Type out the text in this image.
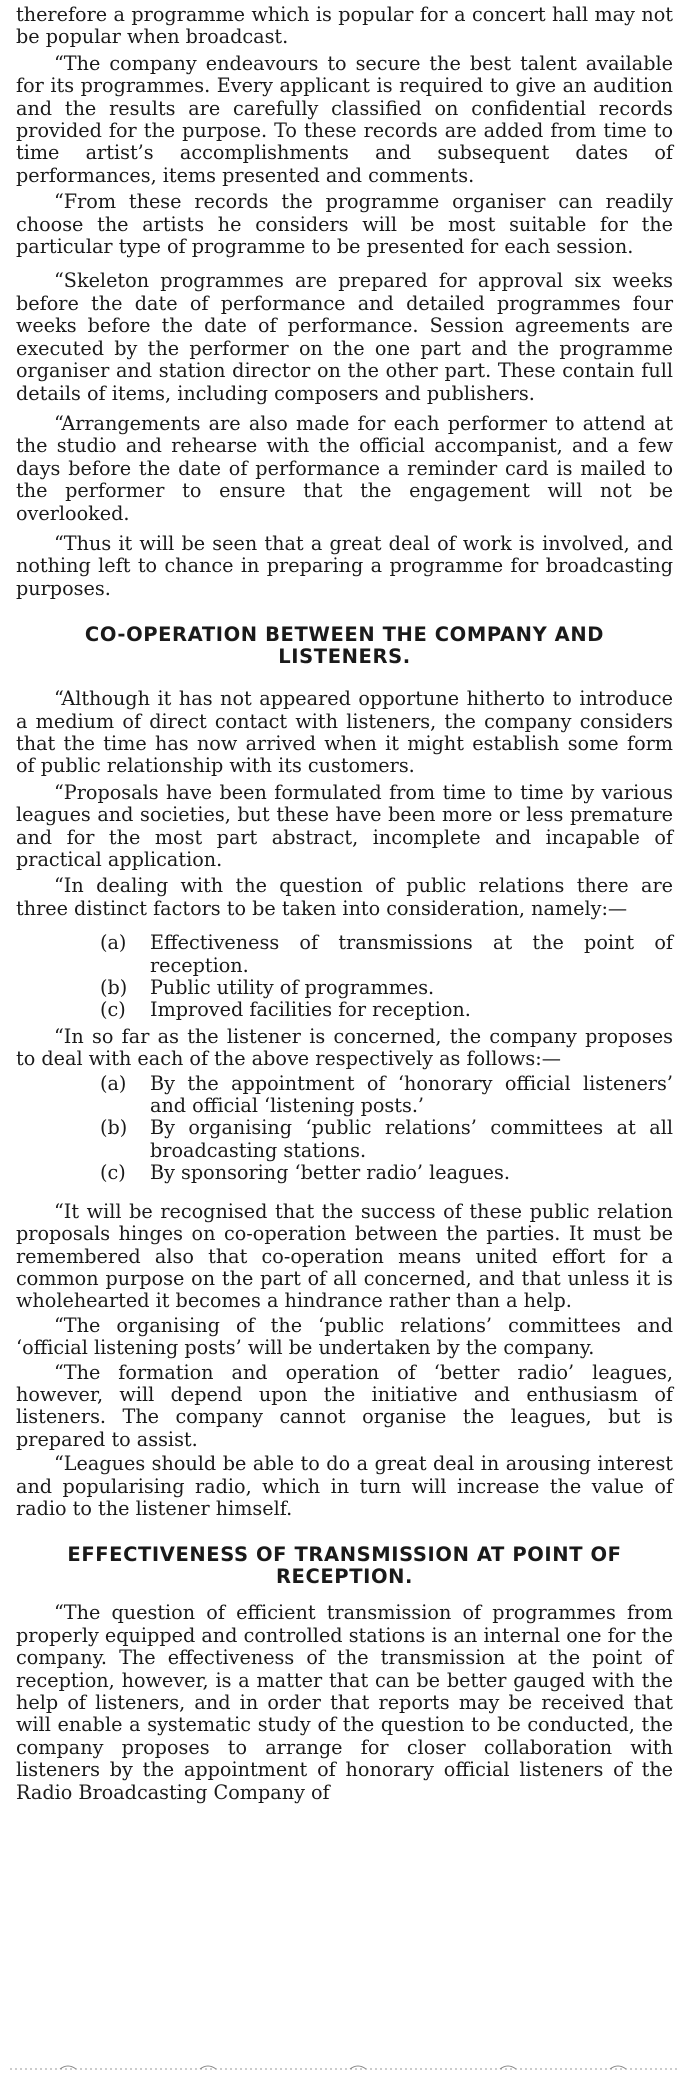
therefore a programme which is popular for a concert hall may not be popular when broadcast.

“The company endeavours to secure the best talent available for its programmes. Every applicant is required to give an audition and the results are carefully classified on confidential records provided for the purpose. To these records are added from time to time artist’s accomplishments and subsequent dates of performances, items presented and comments.

“From these records the programme organiser can readily choose the artists he considers will be most suitable for the particular type of programme to be presented for each session.

“Skeleton programmes are prepared for approval six weeks before the date of performance and detailed programmes four weeks before the date of performance. Session agreements are executed by the performer on the one part and the programme organiser and station director on the other part. These contain full details of items, including composers and publishers.

“Arrangements are also made for each performer to attend at the studio and rehearse with the official accompanist, and a few days before the date of performance a reminder card is mailed to the performer to ensure that the engagement will not be overlooked.

“Thus it will be seen that a great deal of work is involved, and nothing left to chance in preparing a programme for broadcasting purposes.

CO-OPERATION BETWEEN THE COMPANY AND LISTENERS.

“Although it has not appeared opportune hitherto to introduce a medium of direct contact with listeners, the company considers that the time has now arrived when it might establish some form of public relationship with its customers.

“Proposals have been formulated from time to time by various leagues and societies, but these have been more or less premature and for the most part abstract, incomplete and incapable of practical application.

“In dealing with the question of public relations there are three distinct factors to be taken into consideration, namely:—

(a) Effectiveness of transmissions at the point of reception.
(b) Public utility of programmes.
(c) Improved facilities for reception.

“In so far as the listener is concerned, the company proposes to deal with each of the above respectively as follows:—

(a) By the appointment of ‘honorary official listeners’ and official ‘listening posts.’
(b) By organising ‘public relations’ committees at all broadcasting stations.
(c) By sponsoring ‘better radio’ leagues.

“It will be recognised that the success of these public relation proposals hinges on co-operation between the parties. It must be remembered also that co-operation means united effort for a common purpose on the part of all concerned, and that unless it is wholehearted it becomes a hindrance rather than a help.

“The organising of the ‘public relations’ committees and ‘official listening posts’ will be undertaken by the company.

“The formation and operation of ‘better radio’ leagues, however, will depend upon the initiative and enthusiasm of listeners. The company cannot organise the leagues, but is prepared to assist.

“Leagues should be able to do a great deal in arousing interest and popularising radio, which in turn will increase the value of radio to the listener himself.

EFFECTIVENESS OF TRANSMISSION AT POINT OF RECEPTION.

“The question of efficient transmission of programmes from properly equipped and controlled stations is an internal one for the company. The effectiveness of the transmission at the point of reception, however, is a matter that can be better gauged with the help of listeners, and in order that reports may be received that will enable a systematic study of the question to be conducted, the company proposes to arrange for closer collaboration with listeners by the appointment of honorary official listeners of the Radio Broadcasting Company of
